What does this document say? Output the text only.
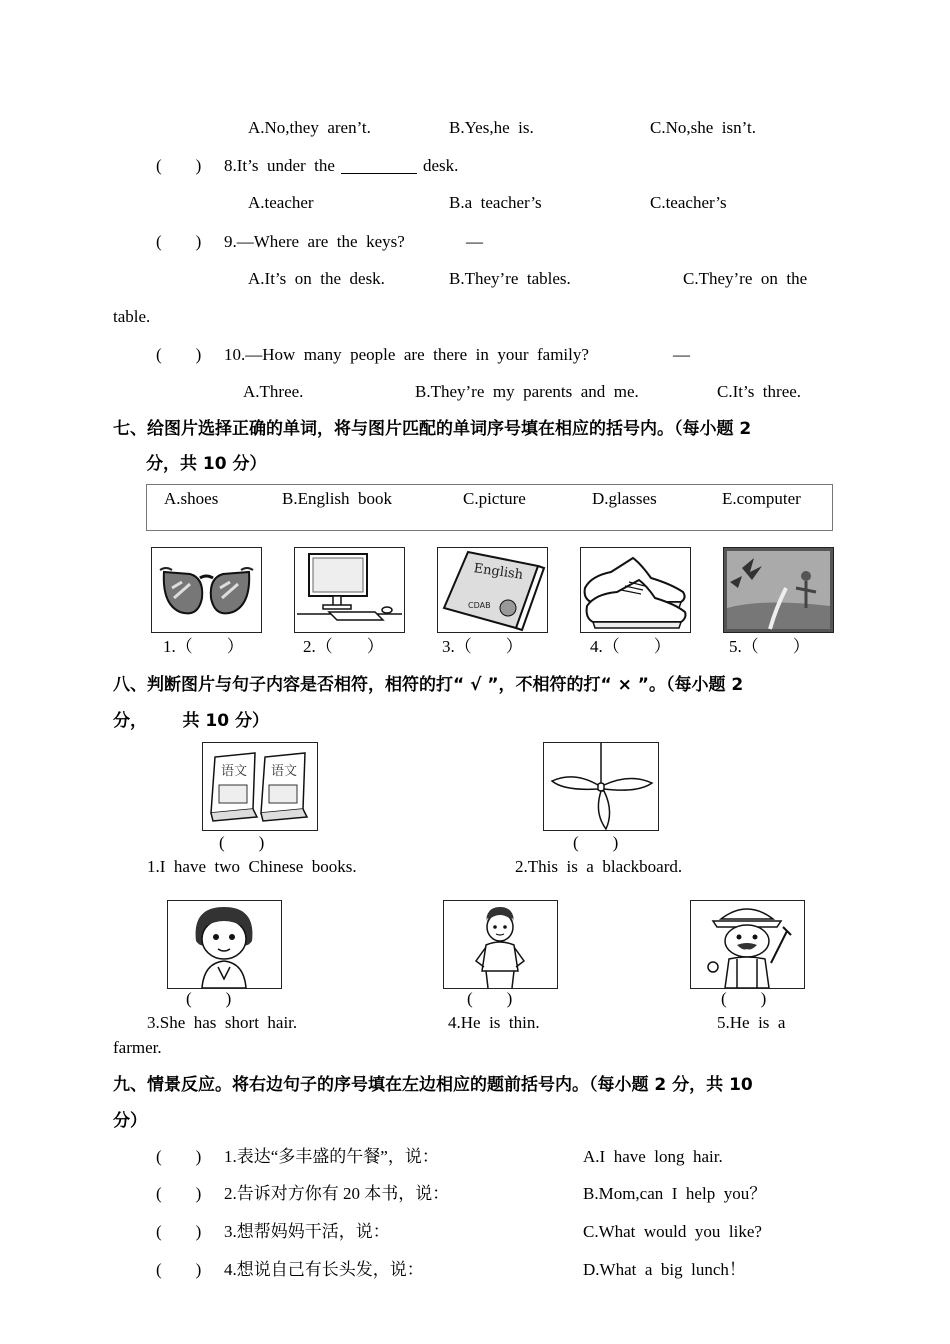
A.No,they  aren’t.	B.Yes,he  is.	C.No,she  isn’t.
(        ) 8.It’s  under  the	desk.
A.teacher	B.a  teacher’s	C.teacher’s
(        ) 9.—Where  are  the  keys?	—
A.It’s  on  the  desk.	B.They’re  tables.	C.They’re  on  the
table.
(        ) 10.—How  many  people  are  there  in  your  family?	—
A.Three.	B.They’re  my  parents  and  me.	C.It’s  three.
七、给图片选择正确的单词，将与图片匹配的单词序号填在相应的括号内。（每小题 2
分，共 10 分）
A.shoes	B.English  book	C.picture	D.glasses	E.computer
English
CDAB
1.（        ）	2.（        ）	3.（        ）	4.（        ）	5.（        ）
八、判断图片与句子内容是否相符，相符的打“ √ ”，不相符的打“ × ”。（每小题 2
分，      共 10 分）
语文 语文
(        )	(        )
1.I  have  two  Chinese  books.	2.This  is  a  blackboard.
(        )	(        )	(        )
3.She  has  short  hair.	4.He  is  thin.	5.He  is  a
farmer.
九、情景反应。将右边句子的序号填在左边相应的题前括号内。（每小题 2 分，共 10
分）
(        ) 1.表达“多丰盛的午餐”，说：	A.I  have  long  hair.
(        ) 2.告诉对方你有 20 本书，说：	B.Mom,can  I  help  you？
(        ) 3.想帮妈妈干活，说：	C.What  would  you  like?
(        ) 4.想说自己有长头发，说：	D.What  a  big  lunch！
